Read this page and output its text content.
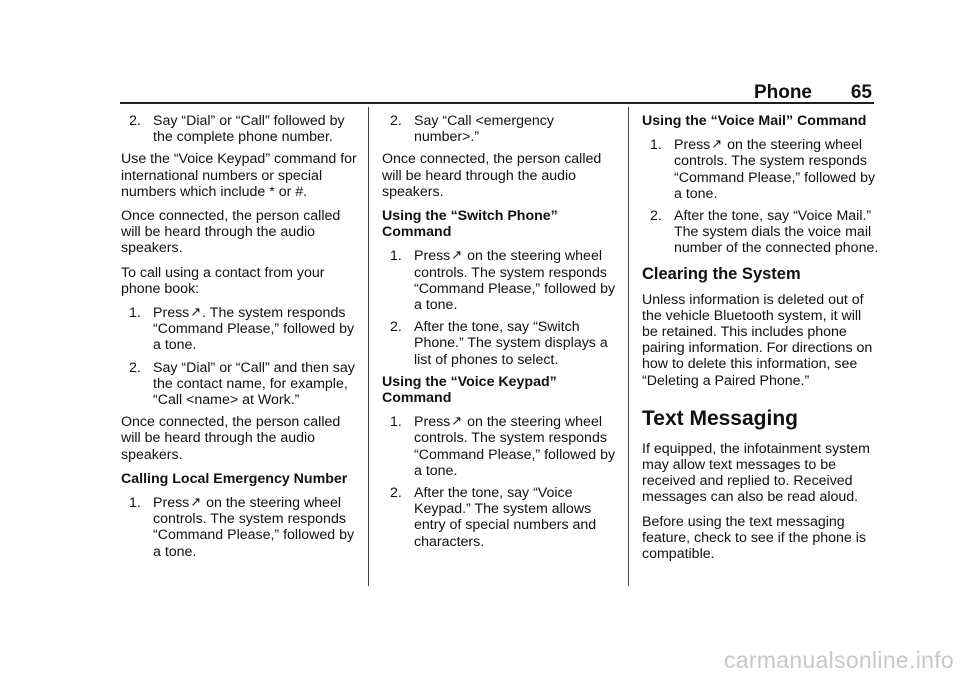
Phone 65
2. Say “Dial” or “Call” followed by the complete phone number.

Use the “Voice Keypad” command for international numbers or special numbers which include * or #.

Once connected, the person called will be heard through the audio speakers.

To call using a contact from your phone book:

1. Press↗. The system responds “Command Please,” followed by a tone.
2. Say “Dial” or “Call” and then say the contact name, for example, “Call <name> at Work.”

Once connected, the person called will be heard through the audio speakers.

Calling Local Emergency Number

1. Press↗ on the steering wheel controls. The system responds “Command Please,” followed by a tone.
2. Say “Call <emergency number>.”

Once connected, the person called will be heard through the audio speakers.

Using the “Switch Phone” Command

1. Press↗ on the steering wheel controls. The system responds “Command Please,” followed by a tone.
2. After the tone, say “Switch Phone.” The system displays a list of phones to select.

Using the “Voice Keypad” Command

1. Press↗ on the steering wheel controls. The system responds “Command Please,” followed by a tone.
2. After the tone, say “Voice Keypad.” The system allows entry of special numbers and characters.

Using the “Voice Mail” Command

1. Press↗ on the steering wheel controls. The system responds “Command Please,” followed by a tone.
2. After the tone, say “Voice Mail.” The system dials the voice mail number of the connected phone.
Clearing the System

Unless information is deleted out of the vehicle Bluetooth system, it will be retained. This includes phone pairing information. For directions on how to delete this information, see “Deleting a Paired Phone.”

Text Messaging

If equipped, the infotainment system may allow text messages to be received and replied to. Received messages can also be read aloud.

Before using the text messaging feature, check to see if the phone is compatible.

carmanualsonline.info
